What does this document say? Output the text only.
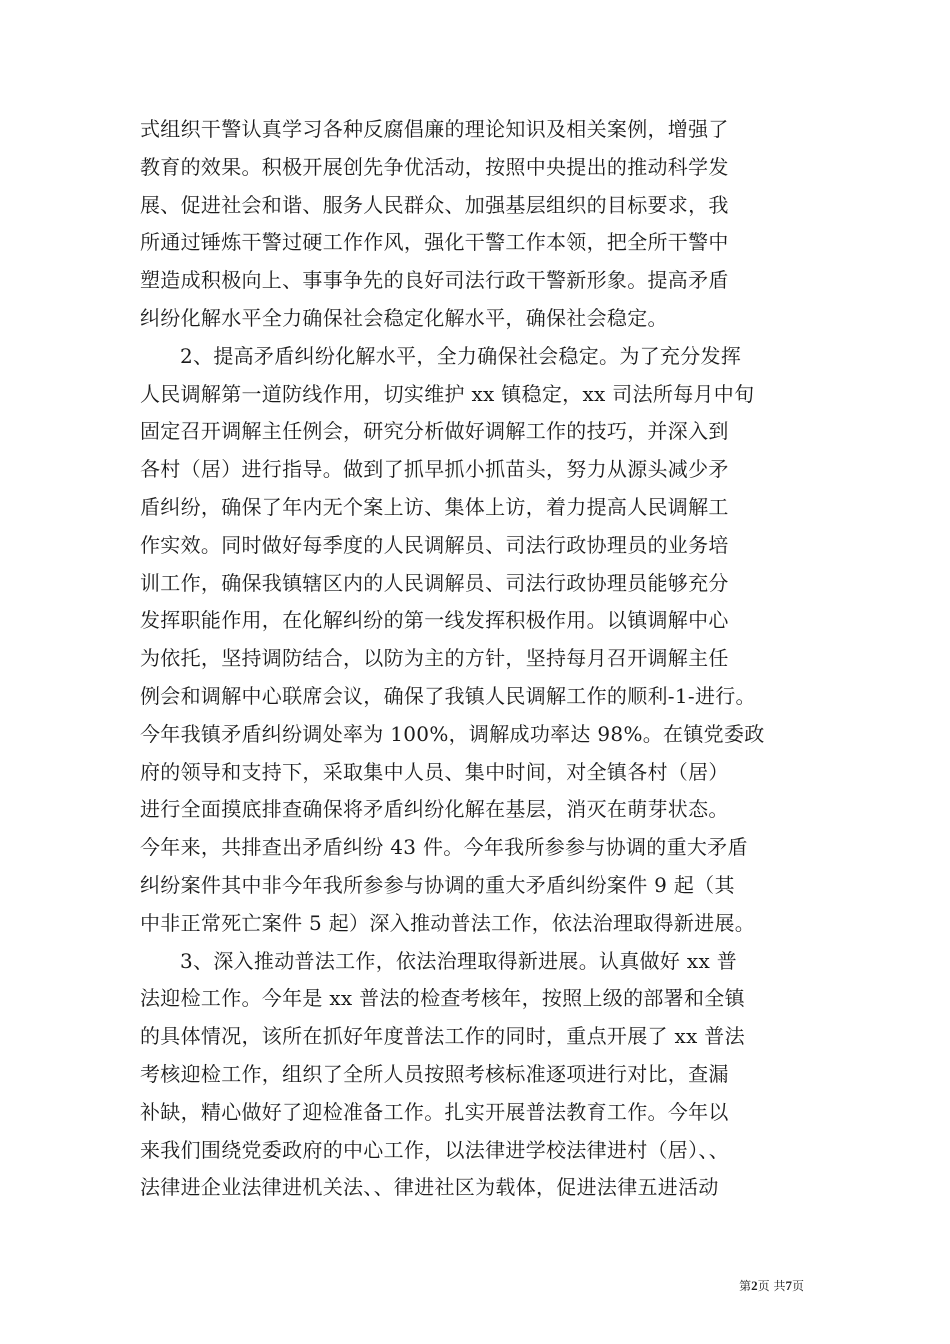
式组织干警认真学习各种反腐倡廉的理论知识及相关案例，增强了
教育的效果。积极开展创先争优活动，按照中央提出的推动科学发
展、促进社会和谐、服务人民群众、加强基层组织的目标要求，我
所通过锤炼干警过硬工作作风，强化干警工作本领，把全所干警中
塑造成积极向上、事事争先的良好司法行政干警新形象。提高矛盾
纠纷化解水平全力确保社会稳定化解水平，确保社会稳定。
2、提高矛盾纠纷化解水平，全力确保社会稳定。为了充分发挥
人民调解第一道防线作用，切实维护 xx 镇稳定，xx 司法所每月中旬
固定召开调解主任例会，研究分析做好调解工作的技巧，并深入到
各村（居）进行指导。做到了抓早抓小抓苗头，努力从源头减少矛
盾纠纷，确保了年内无个案上访、集体上访，着力提高人民调解工
作实效。同时做好每季度的人民调解员、司法行政协理员的业务培
训工作，确保我镇辖区内的人民调解员、司法行政协理员能够充分
发挥职能作用，在化解纠纷的第一线发挥积极作用。以镇调解中心
为依托，坚持调防结合，以防为主的方针，坚持每月召开调解主任
例会和调解中心联席会议，确保了我镇人民调解工作的顺利-1-进行。
今年我镇矛盾纠纷调处率为 100%，调解成功率达 98%。在镇党委政
府的领导和支持下，采取集中人员、集中时间，对全镇各村（居）
进行全面摸底排查确保将矛盾纠纷化解在基层，消灭在萌芽状态。
今年来，共排查出矛盾纠纷 43 件。今年我所参参与协调的重大矛盾
纠纷案件其中非今年我所参参与协调的重大矛盾纠纷案件 9 起（其
中非正常死亡案件 5 起）深入推动普法工作，依法治理取得新进展。
3、深入推动普法工作，依法治理取得新进展。认真做好 xx 普
法迎检工作。今年是 xx 普法的检查考核年，按照上级的部署和全镇
的具体情况，该所在抓好年度普法工作的同时，重点开展了 xx 普法
考核迎检工作，组织了全所人员按照考核标准逐项进行对比，查漏
补缺，精心做好了迎检准备工作。扎实开展普法教育工作。今年以
来我们围绕党委政府的中心工作，以法律进学校法律进村（居）、、
法律进企业法律进机关法、、律进社区为载体，促进法律五进活动
第2页 共7页
